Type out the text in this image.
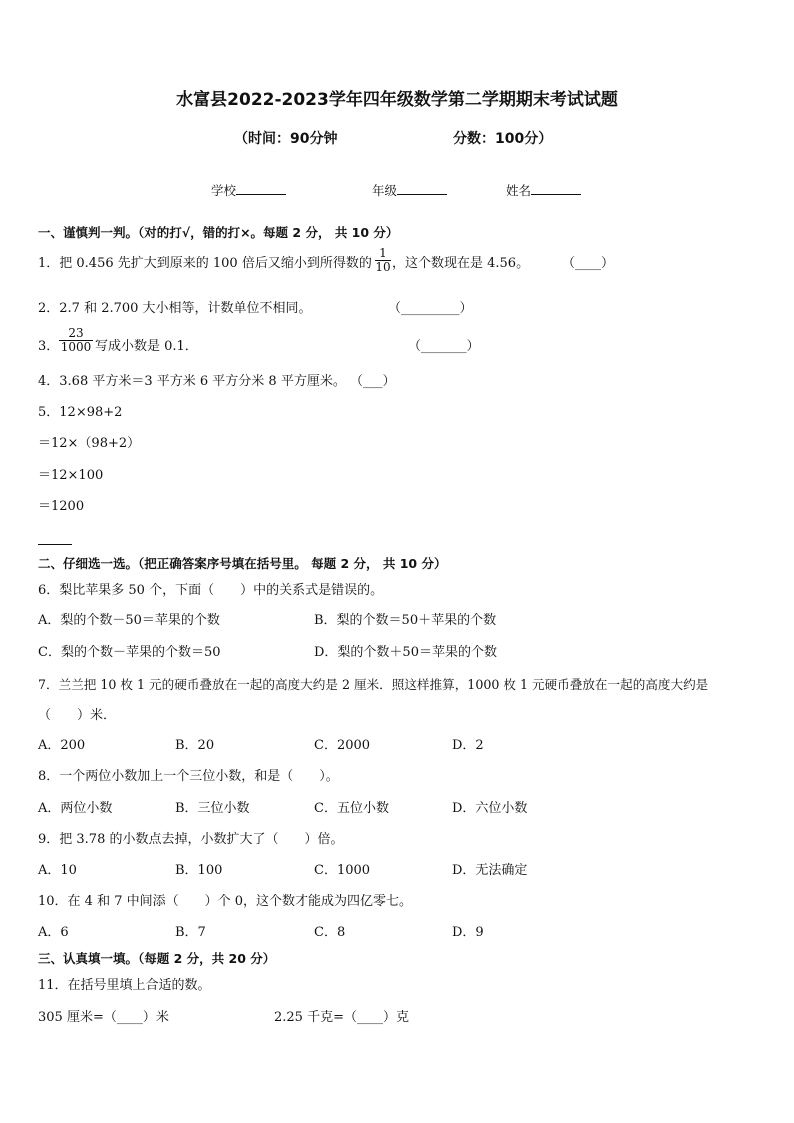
水富县2022-2023学年四年级数学第二学期期末考试试题
（时间：90分钟	分数：100分）
学校	年级	姓名
一、谨慎判一判。（对的打√，错的打×。每题 2 分， 共 10 分）
1．把 0.456 先扩大到原来的 100 倍后又缩小到所得数的 $\frac{1}{10}$ ，这个数现在是 4.56。	（____）
2．2.7 和 2.700 大小相等，计数单位不相同。	（_________）
3． $\frac{23}{1000}$ 写成小数是 0.1．	（_______）
4．3.68 平方米＝3 平方米 6 平方分米 8 平方厘米。 （___）
5．12×98+2
＝12×（98+2）
＝12×100
＝1200
二、仔细选一选。（把正确答案序号填在括号里。 每题 2 分， 共 10 分）
6．梨比苹果多 50 个，下面（　　）中的关系式是错误的。
A．梨的个数－50＝苹果的个数	B．梨的个数＝50＋苹果的个数
C．梨的个数－苹果的个数＝50	D．梨的个数＋50＝苹果的个数
7．兰兰把 10 枚 1 元的硬币叠放在一起的高度大约是 2 厘米．照这样推算，1000 枚 1 元硬币叠放在一起的高度大约是
（　　）米．
A．200	B．20	C．2000	D．2
8．一个两位小数加上一个三位小数，和是（　　）。
A．两位小数	B．三位小数	C．五位小数	D．六位小数
9．把 3.78 的小数点去掉，小数扩大了（　　）倍。
A．10	B．100	C．1000	D．无法确定
10．在 4 和 7 中间添（　　）个 0，这个数才能成为四亿零七。
A．6	B．7	C．8	D．9
三、认真填一填。（每题 2 分，共 20 分）
11．在括号里填上合适的数。
305 厘米=（____）米	2.25 千克=（____）克
